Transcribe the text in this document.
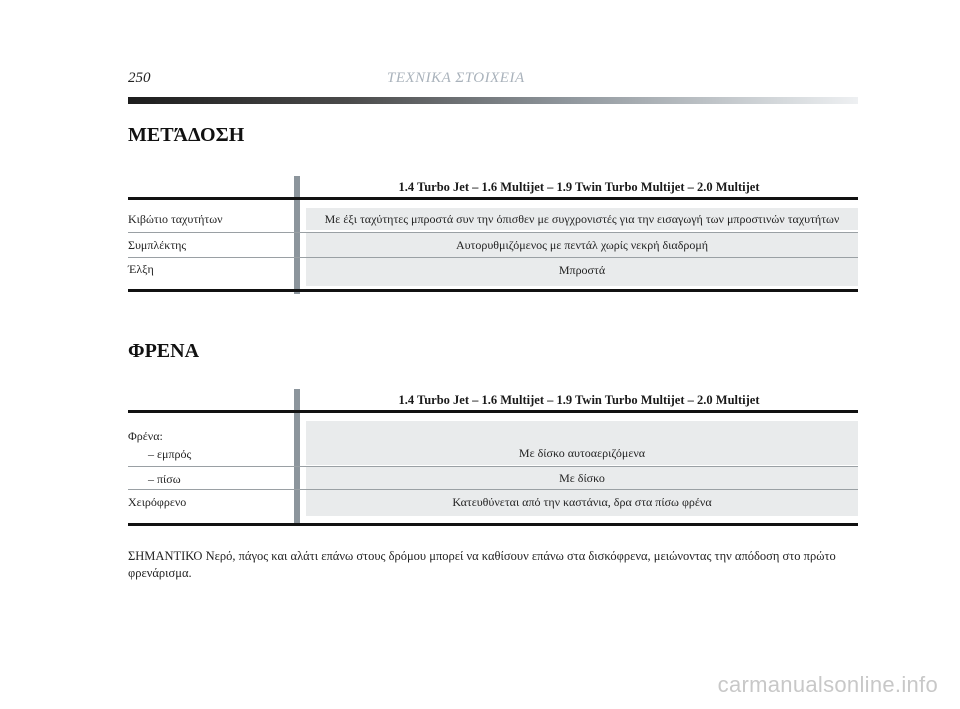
250	ΤΕΧΝΙΚΑ ΣΤΟΙΧΕΙΑ
ΜΕΤΆΔΟΣΗ
1.4 Turbo Jet – 1.6 Multijet – 1.9 Twin Turbo Multijet – 2.0 Multijet
Κιβώτιο ταχυτήτων	Με έξι ταχύτητες μπροστά συν την όπισθεν με συγχρονιστές για την εισαγωγή των μπροστινών ταχυτήτων
Συμπλέκτης	Αυτορυθμιζόμενος με πεντάλ χωρίς νεκρή διαδρομή
Έλξη	Μπροστά
ΦΡΕΝΑ
1.4 Turbo Jet – 1.6 Multijet – 1.9 Twin Turbo Multijet – 2.0 Multijet
Φρένα:
– εμπρός	Με δίσκο αυτοαεριζόμενα
– πίσω	Με δίσκο
Χειρόφρενο	Κατευθύνεται από την καστάνια, δρα στα πίσω φρένα
ΣΗΜΑΝΤΙΚΟ Νερό, πάγος και αλάτι επάνω στους δρόμου μπορεί να καθίσουν επάνω στα δισκόφρενα, μειώνοντας την απόδοση στο πρώτο φρενάρισμα.
carmanualsonline.info
